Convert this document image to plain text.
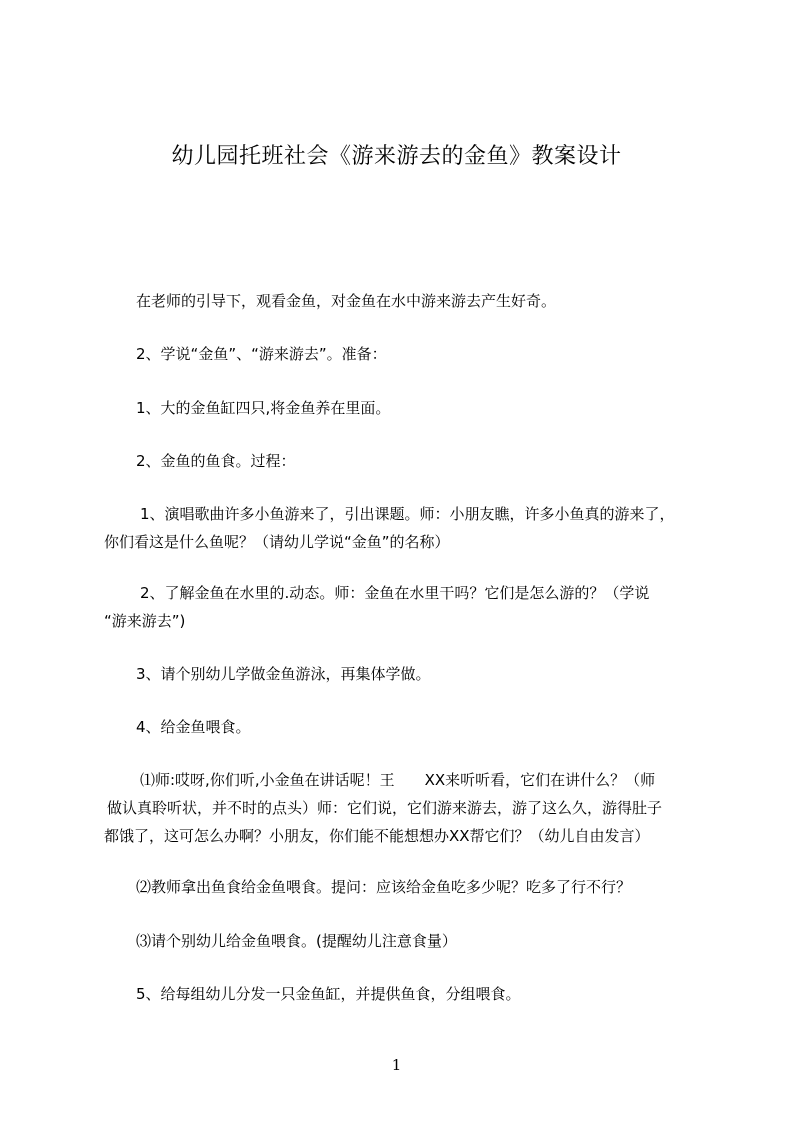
幼儿园托班社会《游来游去的金鱼》教案设计
在老师的引导下，观看金鱼，对金鱼在水中游来游去产生好奇。
2、学说“金鱼”、“游来游去”。准备：
1、大的金鱼缸四只,将金鱼养在里面。
2、金鱼的鱼食。过程：
1、演唱歌曲许多小鱼游来了，引出课题。师：小朋友瞧，许多小鱼真的游来了，
你们看这是什么鱼呢？（请幼儿学说“金鱼”的名称）
2、了解金鱼在水里的.动态。师：金鱼在水里干吗？它们是怎么游的？（学说
“游来游去”)
3、请个别幼儿学做金鱼游泳，再集体学做。
4、给金鱼喂食。
⑴师:哎呀,你们听,小金鱼在讲话呢！王　　XX来听听看，它们在讲什么？（师
做认真聆听状，并不时的点头）师：它们说，它们游来游去，游了这么久，游得肚子
都饿了，这可怎么办啊？小朋友，你们能不能想想办XX帮它们？（幼儿自由发言）
⑵教师拿出鱼食给金鱼喂食。提问：应该给金鱼吃多少呢？吃多了行不行？
⑶请个别幼儿给金鱼喂食。(提醒幼儿注意食量）
5、给每组幼儿分发一只金鱼缸，并提供鱼食，分组喂食。
1
